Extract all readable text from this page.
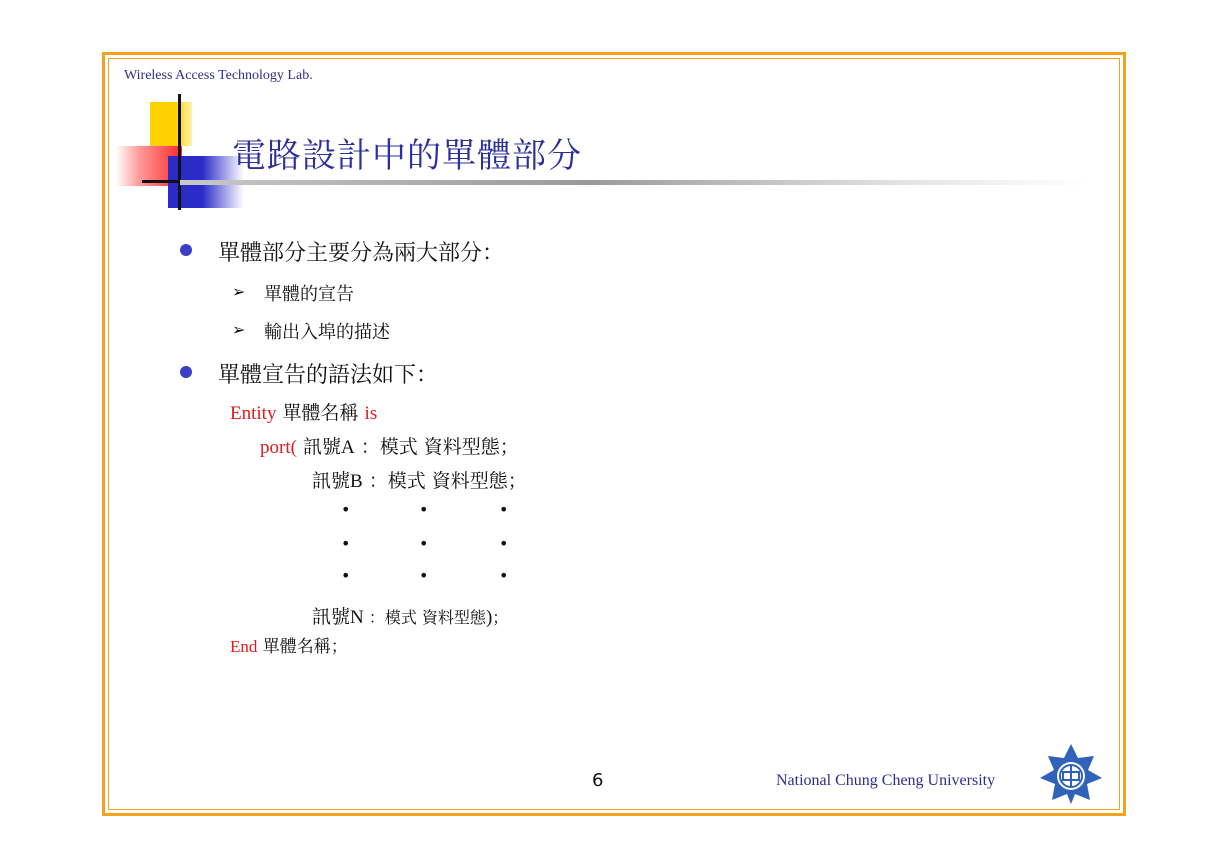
Wireless Access Technology Lab.
電路設計中的單體部分
單體部分主要分為兩大部分：
➢ 單體的宣告
➢ 輸出入埠的描述
單體宣告的語法如下：
Entity 單體名稱 is
port( 訊號A ：模式 資料型態；
訊號B ：模式 資料型態；
•	•	•
•	•	•
•	•	•
訊號N ：模式 資料型態)；
End 單體名稱；
6	National Chung Cheng University
